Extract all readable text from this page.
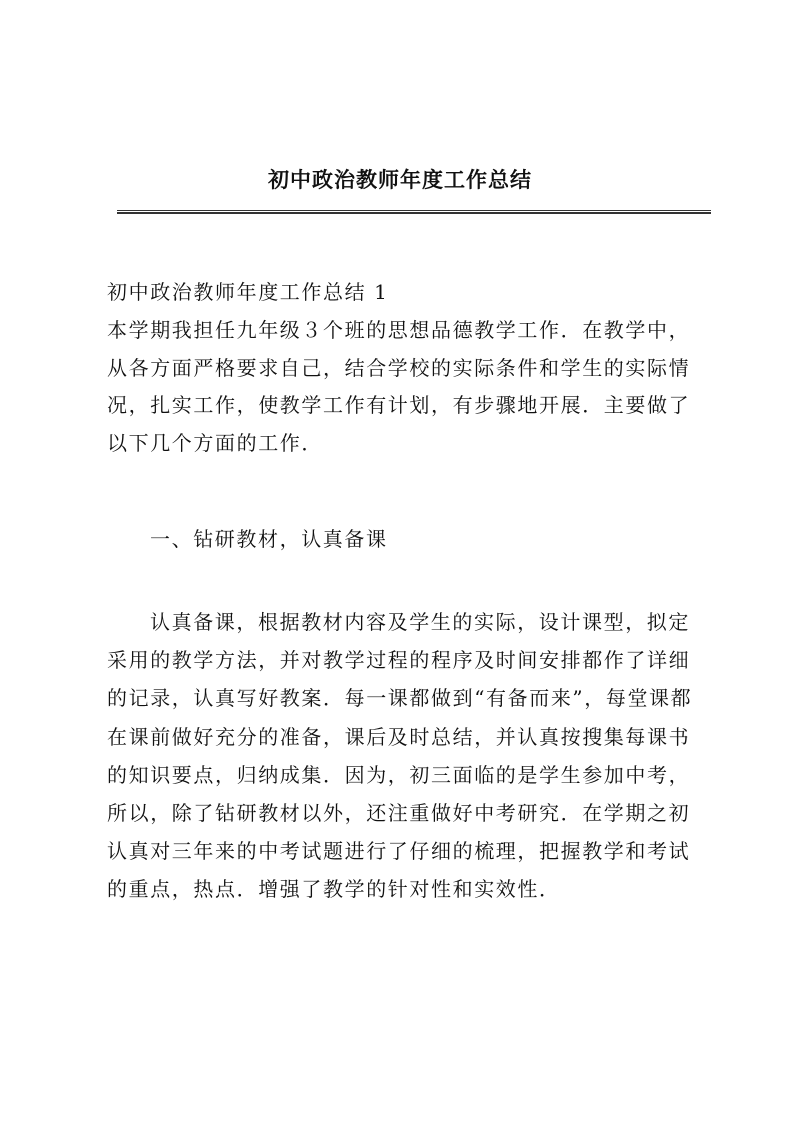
初中政治教师年度工作总结
初中政治教师年度工作总结 1

本学期我担任九年级３个班的思想品德教学工作．在教学中，从各方面严格要求自己，结合学校的实际条件和学生的实际情况，扎实工作，使教学工作有计划，有步骤地开展．主要做了以下几个方面的工作．

一、钻研教材，认真备课

认真备课，根据教材内容及学生的实际，设计课型，拟定采用的教学方法，并对教学过程的程序及时间安排都作了详细的记录，认真写好教案．每一课都做到“有备而来”，每堂课都在课前做好充分的准备，课后及时总结，并认真按搜集每课书的知识要点，归纳成集．因为，初三面临的是学生参加中考，所以，除了钻研教材以外，还注重做好中考研究．在学期之初认真对三年来的中考试题进行了仔细的梳理，把握教学和考试的重点，热点．增强了教学的针对性和实效性．
